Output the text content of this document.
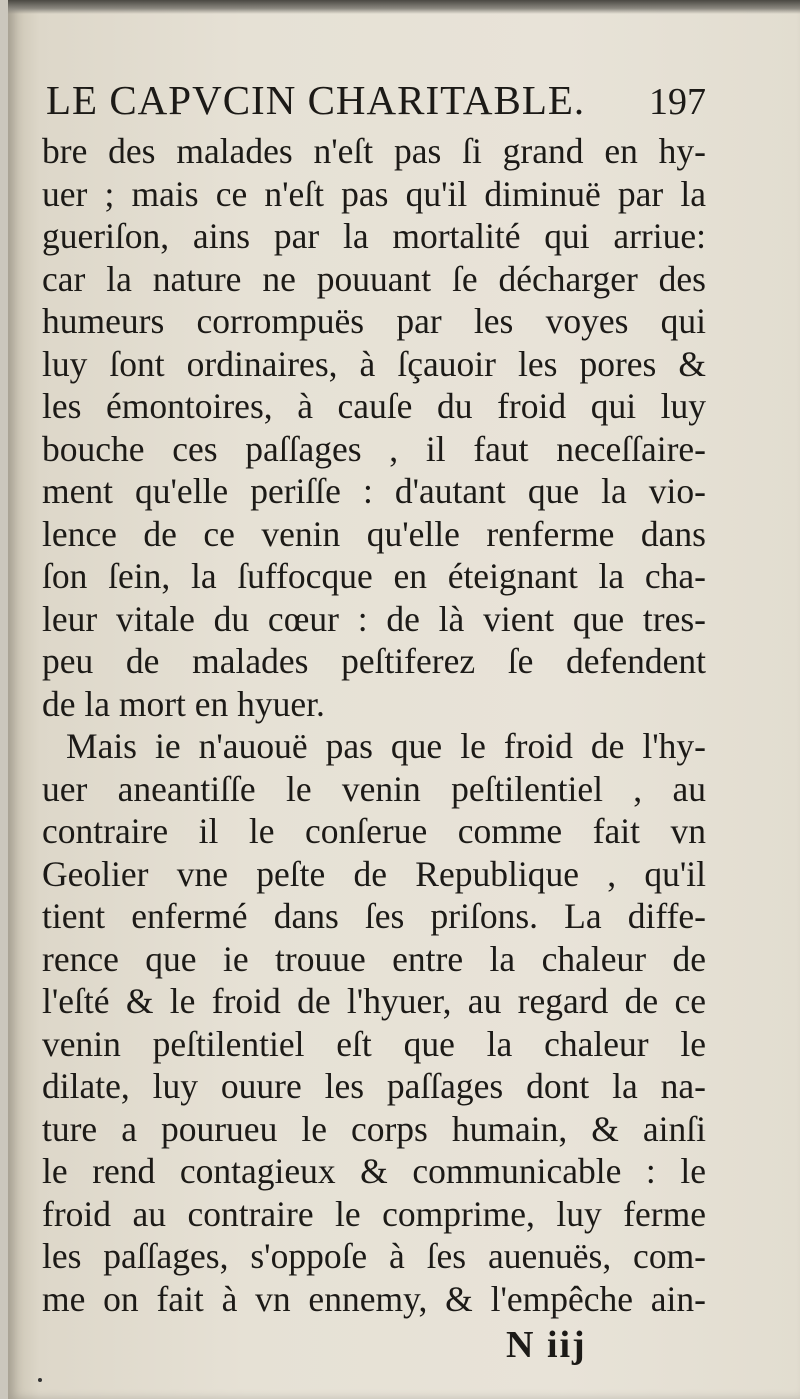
LE CAPVCIN CHARITABLE. 197
bre des malades n'eſt pas ſi grand en hy-
uer ; mais ce n'eſt pas qu'il diminuë par la
gueriſon, ains par la mortalité qui arriue:
car la nature ne pouuant ſe décharger des
humeurs corrompuës par les voyes qui
luy ſont ordinaires, à ſçauoir les pores &
les émontoires, à cauſe du froid qui luy
bouche ces paſſages , il faut neceſſaire-
ment qu'elle periſſe : d'autant que la vio-
lence de ce venin qu'elle renferme dans
ſon ſein, la ſuffocque en éteignant la cha-
leur vitale du cœur : de là vient que tres-
peu de malades peſtiferez ſe defendent
de la mort en hyuer.
Mais ie n'auouë pas que le froid de l'hy-
uer aneantiſſe le venin peſtilentiel , au
contraire il le conſerue comme fait vn
Geolier vne peſte de Republique , qu'il
tient enfermé dans ſes priſons. La diffe-
rence que ie trouue entre la chaleur de
l'eſté & le froid de l'hyuer, au regard de ce
venin peſtilentiel eſt que la chaleur le
dilate, luy ouure les paſſages dont la na-
ture a pourueu le corps humain, & ainſi
le rend contagieux & communicable : le
froid au contraire le comprime, luy ferme
les paſſages, s'oppoſe à ſes auenuës, com-
me on fait à vn ennemy, & l'empêche ain-
N iij
